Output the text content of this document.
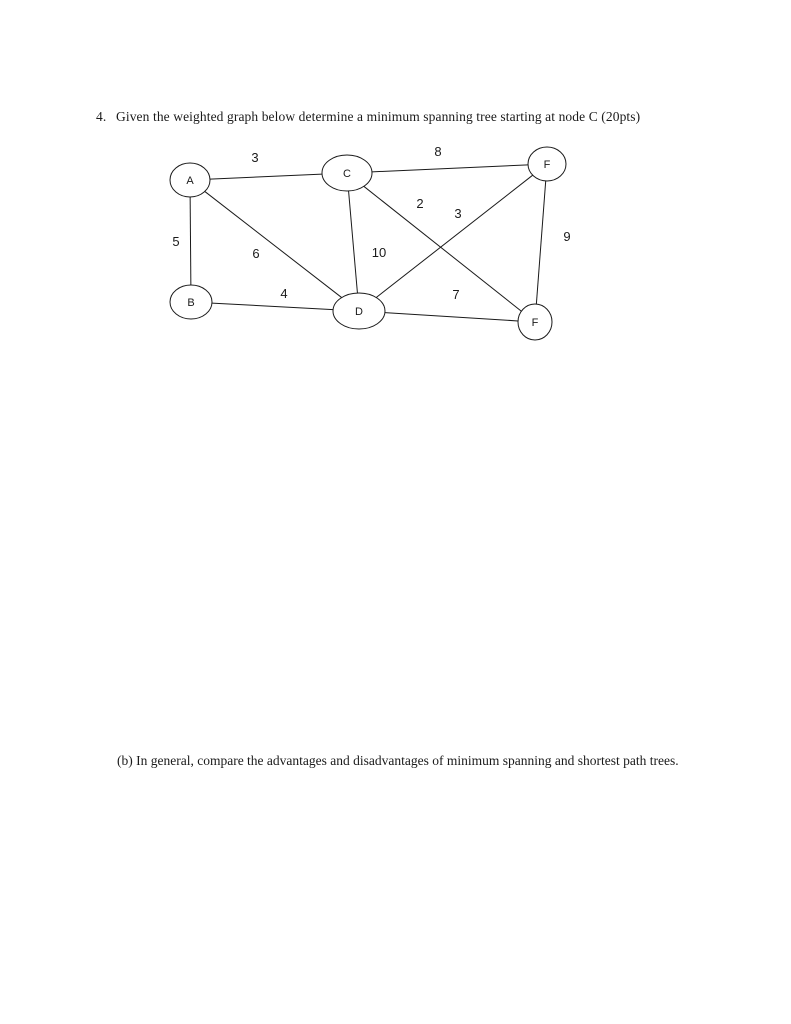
4. Given the weighted graph below determine a minimum spanning tree starting at node C (20pts)
3	8
5
6	10
2
3
9
4	7
A
B
C
D
F
F
(b) In general, compare the advantages and disadvantages of minimum spanning and shortest path trees.
